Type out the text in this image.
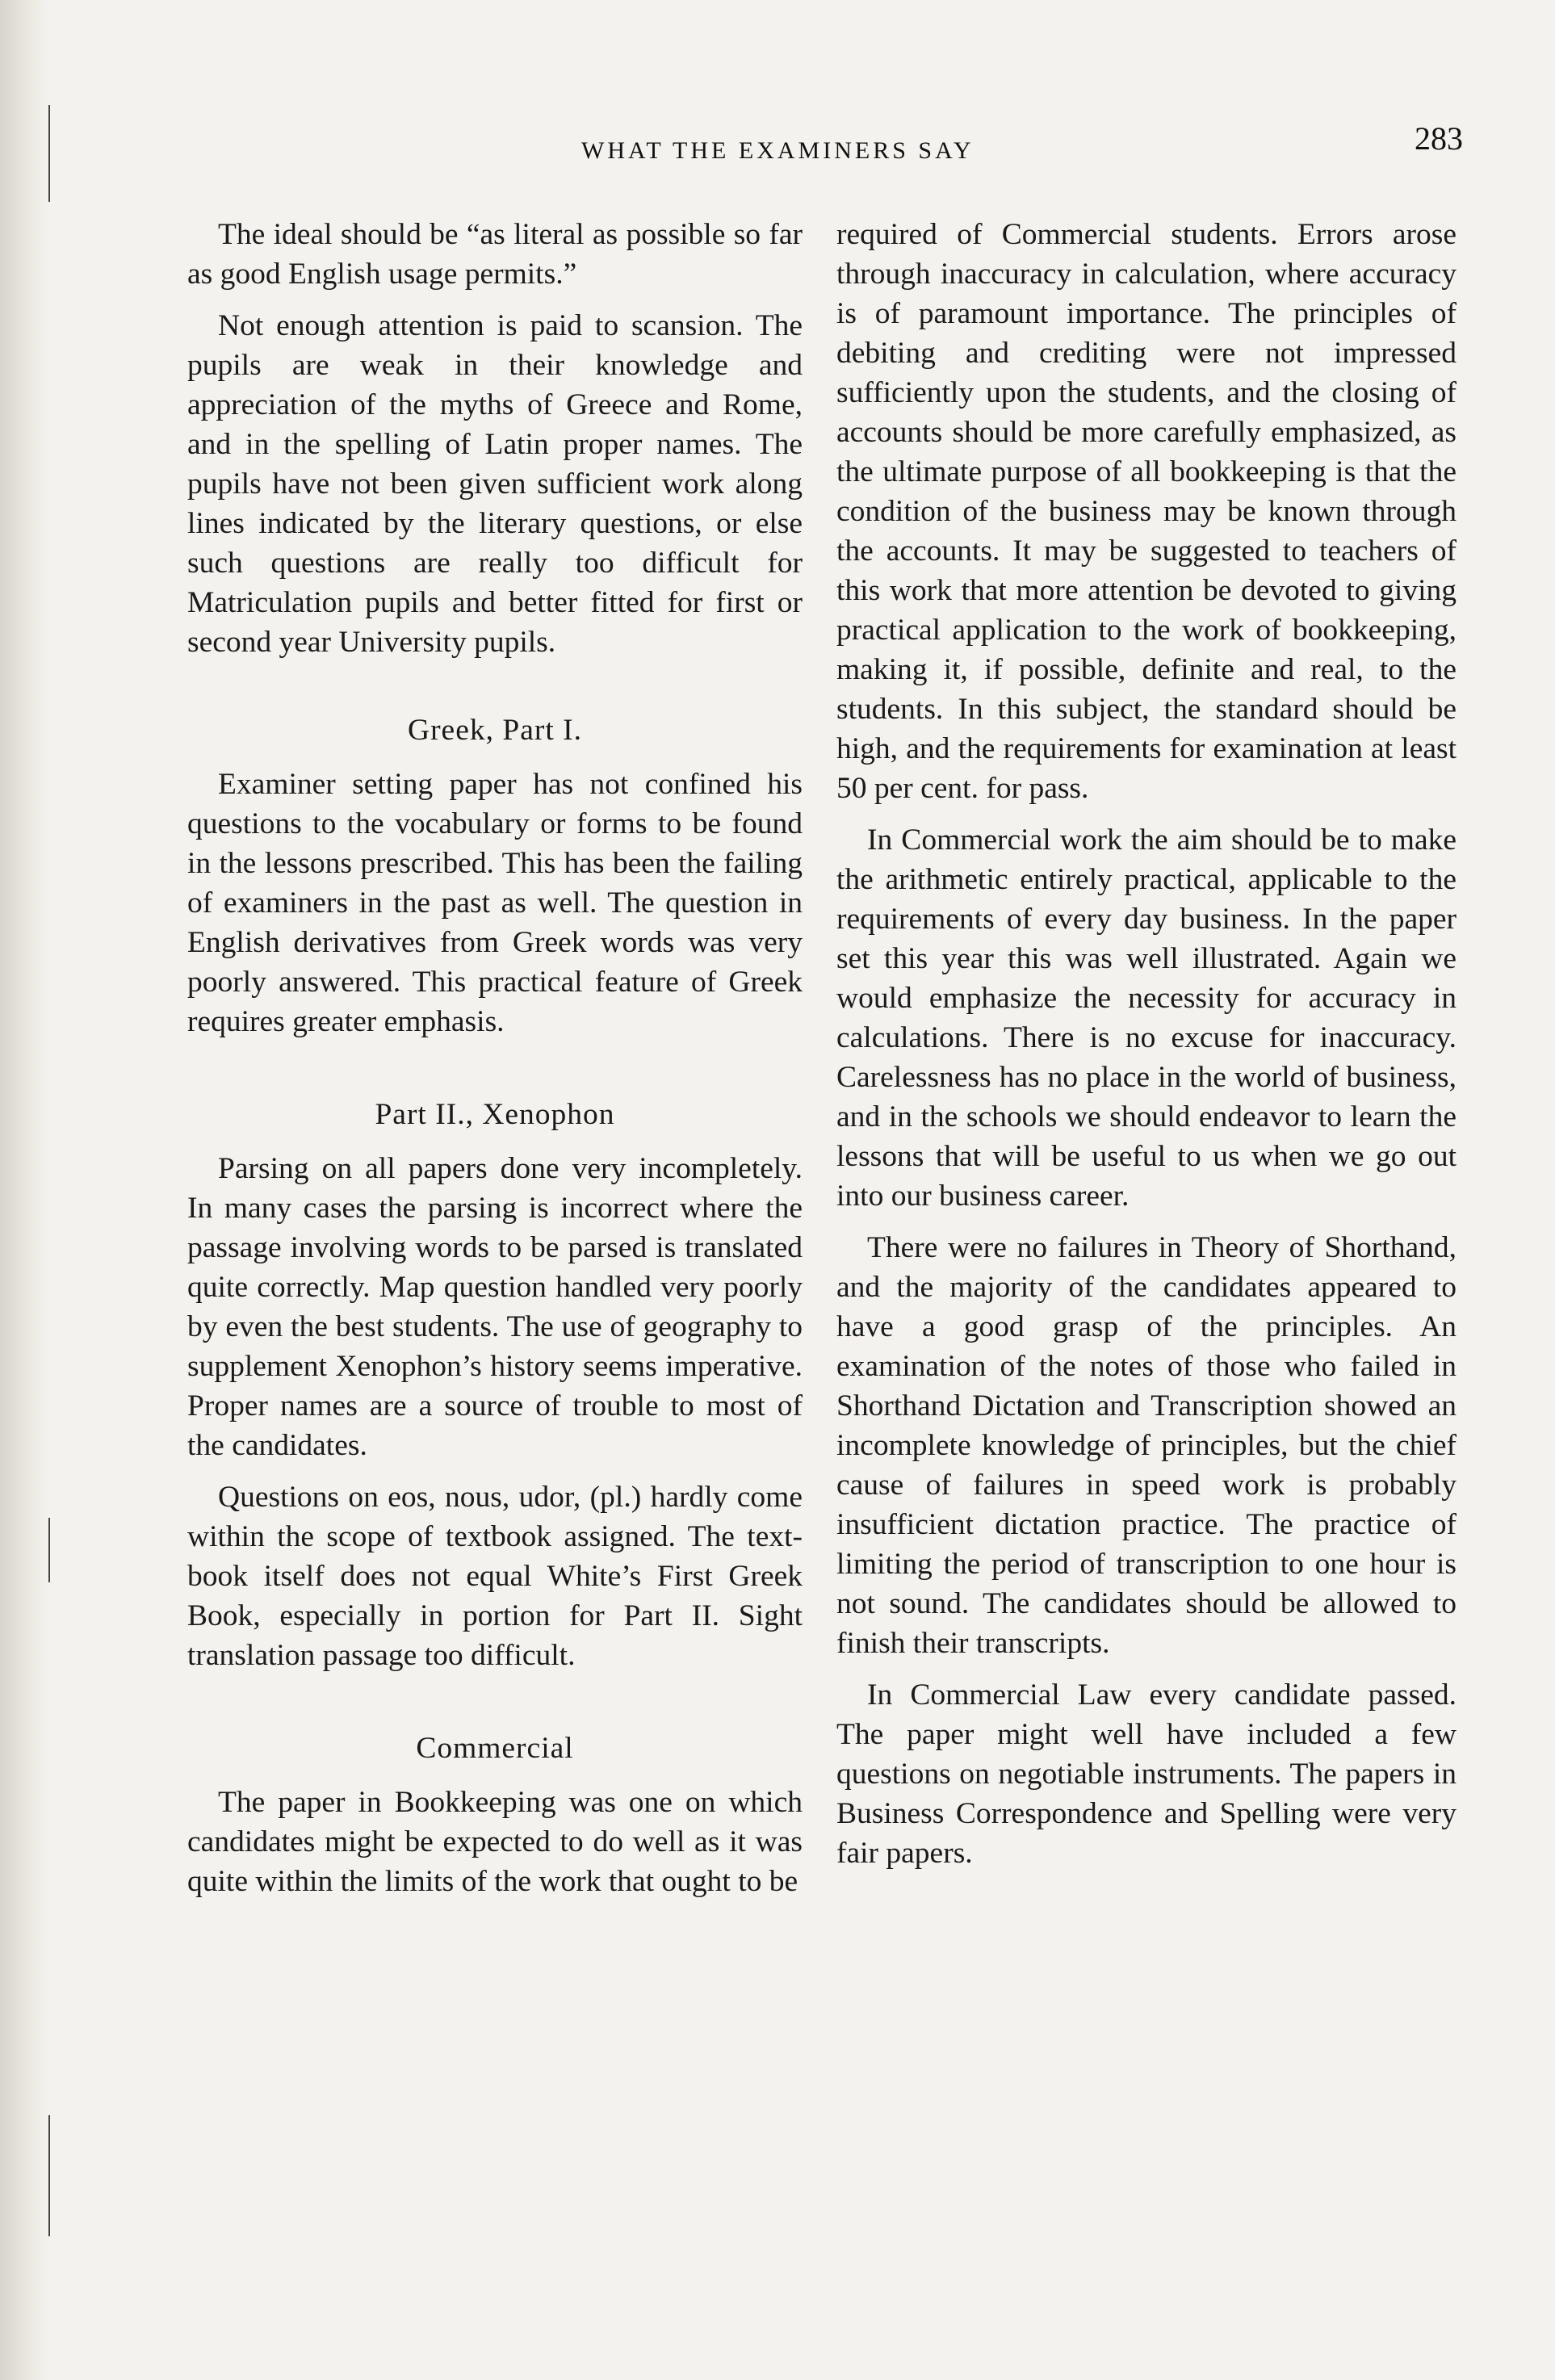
WHAT THE EXAMINERS SAY	283

The ideal should be “as literal as possible so far as good English usage permits.”

Not enough attention is paid to scansion. The pupils are weak in their knowledge and appreciation of the myths of Greece and Rome, and in the spelling of Latin proper names. The pupils have not been given sufficient work along lines indicated by the literary questions, or else such questions are really too difficult for Matriculation pupils and better fitted for first or second year University pupils.

Greek, Part I.

Examiner setting paper has not confined his questions to the vocabulary or forms to be found in the lessons prescribed. This has been the failing of examiners in the past as well. The question in English derivatives from Greek words was very poorly answered. This practical feature of Greek requires greater emphasis.

Part II., Xenophon

Parsing on all papers done very incompletely. In many cases the parsing is incorrect where the passage involving words to be parsed is translated quite correctly. Map question handled very poorly by even the best students. The use of geography to supplement Xenophon’s history seems imperative. Proper names are a source of trouble to most of the candidates.

Questions on eos, nous, udor, (pl.) hardly come within the scope of textbook assigned. The text-book itself does not equal White’s First Greek Book, especially in portion for Part II. Sight translation passage too difficult.

Commercial

The paper in Bookkeeping was one on which candidates might be expected to do well as it was quite within the limits of the work that ought to be

required of Commercial students. Errors arose through inaccuracy in calculation, where accuracy is of paramount importance. The principles of debiting and crediting were not impressed sufficiently upon the students, and the closing of accounts should be more carefully emphasized, as the ultimate purpose of all bookkeeping is that the condition of the business may be known through the accounts. It may be suggested to teachers of this work that more attention be devoted to giving practical application to the work of bookkeeping, making it, if possible, definite and real, to the students. In this subject, the standard should be high, and the requirements for examination at least 50 per cent. for pass.

In Commercial work the aim should be to make the arithmetic entirely practical, applicable to the requirements of every day business. In the paper set this year this was well illustrated. Again we would emphasize the necessity for accuracy in calculations. There is no excuse for inaccuracy. Carelessness has no place in the world of business, and in the schools we should endeavor to learn the lessons that will be useful to us when we go out into our business career.

There were no failures in Theory of Shorthand, and the majority of the candidates appeared to have a good grasp of the principles. An examination of the notes of those who failed in Shorthand Dictation and Transcription showed an incomplete knowledge of principles, but the chief cause of failures in speed work is probably insufficient dictation practice. The practice of limiting the period of transcription to one hour is not sound. The candidates should be allowed to finish their transcripts.

In Commercial Law every candidate passed. The paper might well have included a few questions on negotiable instruments. The papers in Business Correspondence and Spelling were very fair papers.
